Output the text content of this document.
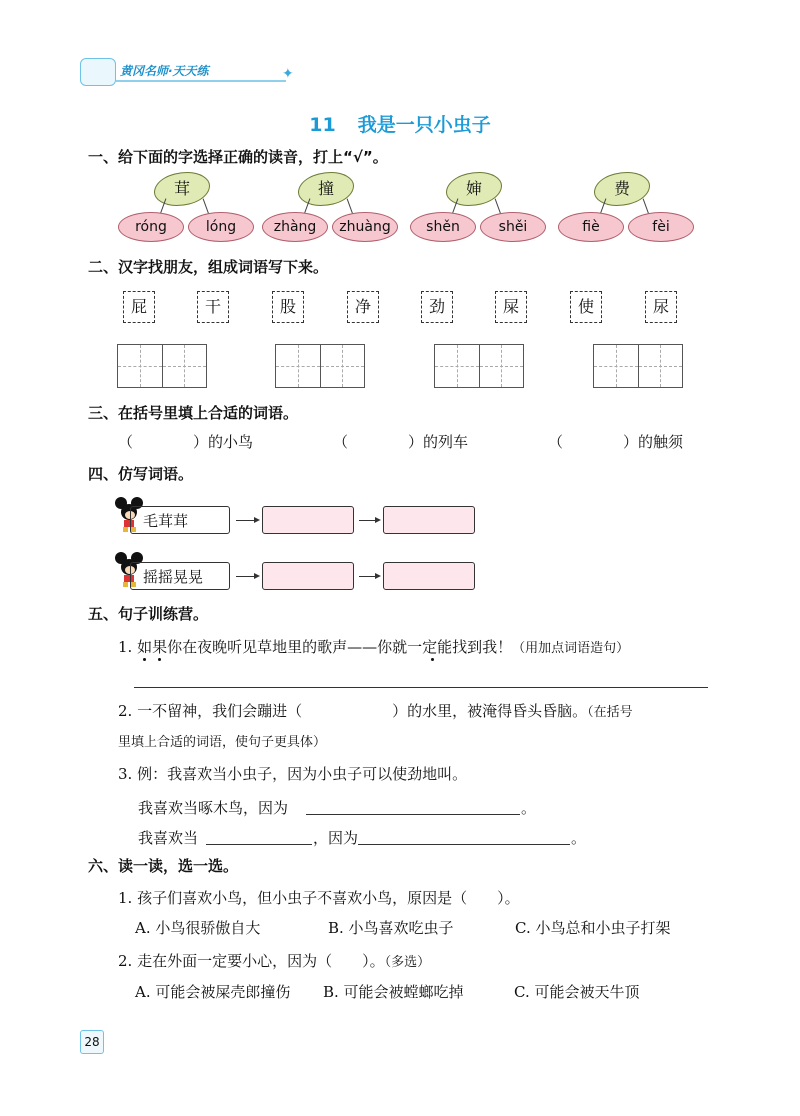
黄冈名师·天天练	✦
11 我是一只小虫子
一、给下面的字选择正确的读音，打上“√”。
茸
róng	lóng
撞
zhàng	zhuàng
婶
shěn	shěi
费
fiè	fèi
二、汉字找朋友，组成词语写下来。
屁	干	股	净	劲	屎	使	尿
三、在括号里填上合适的词语。
（　　　　）的小鸟	（　　　　）的列车	（　　　　）的触须
四、仿写词语。
毛茸茸
摇摇晃晃
五、句子训练营。
1. 如果你在夜晚听见草地里的歌声——你就一定能找到我！（用加点词语造句）
2. 一不留神，我们会蹦进（　　　　　　）的水里，被淹得昏头昏脑。（在括号
里填上合适的词语，使句子更具体）
3. 例：我喜欢当小虫子，因为小虫子可以使劲地叫。
我喜欢当啄木鸟，因为	。
我喜欢当	，因为	。
六、读一读，选一选。
1. 孩子们喜欢小鸟，但小虫子不喜欢小鸟，原因是（　　）。
A. 小鸟很骄傲自大	B. 小鸟喜欢吃虫子	C. 小鸟总和小虫子打架
2. 走在外面一定要小心，因为（　　）。（多选）
A. 可能会被屎壳郎撞伤 B. 可能会被螳螂吃掉	C. 可能会被天牛顶
28
